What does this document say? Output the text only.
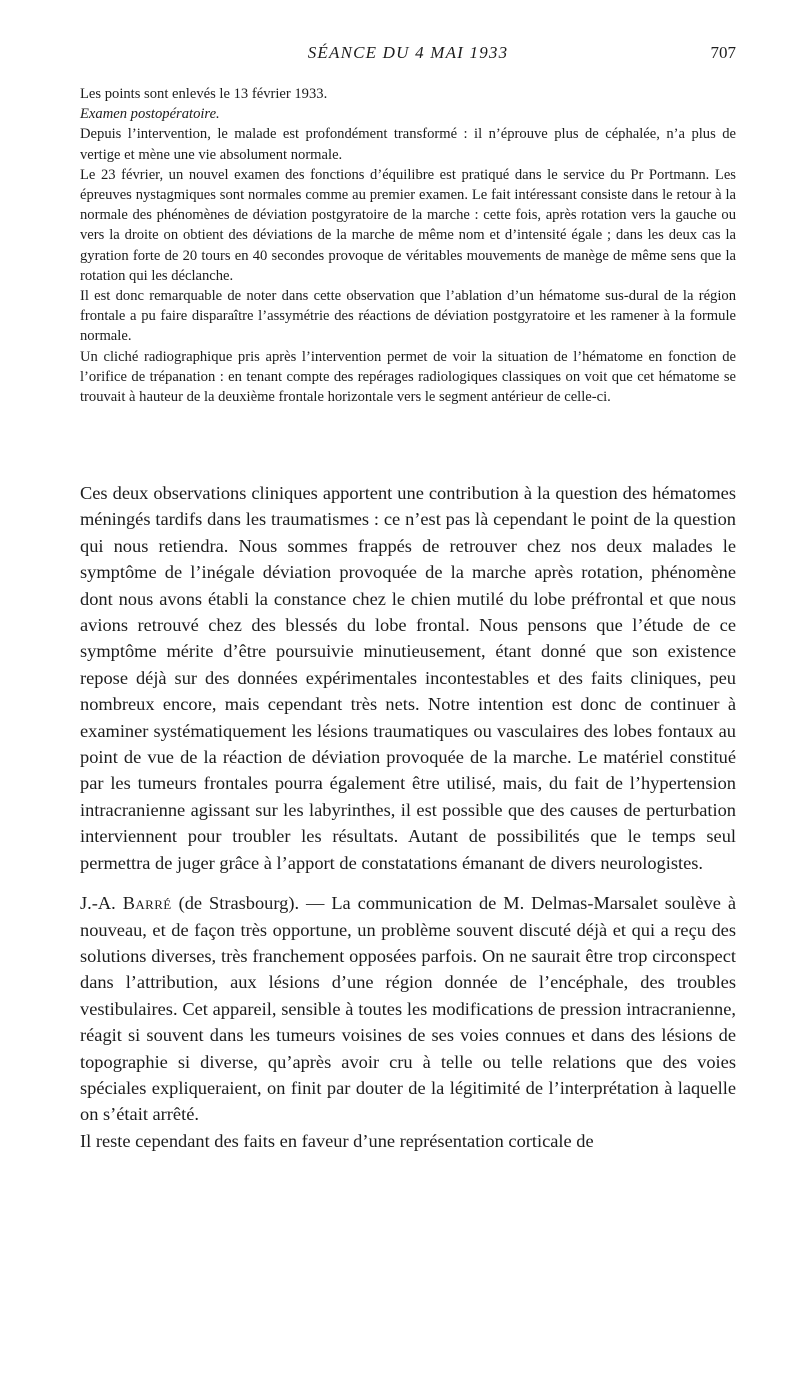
SÉANCE DU 4 MAI 1933	707

Les points sont enlevés le 13 février 1933.

Examen postopératoire.

Depuis l’intervention, le malade est profondément transformé : il n’éprouve plus de céphalée, n’a plus de vertige et mène une vie absolument normale.

Le 23 février, un nouvel examen des fonctions d’équilibre est pratiqué dans le service du Pr Portmann. Les épreuves nystagmiques sont normales comme au premier examen. Le fait intéressant consiste dans le retour à la normale des phénomènes de déviation postgyratoire de la marche : cette fois, après rotation vers la gauche ou vers la droite on obtient des déviations de la marche de même nom et d’intensité égale ; dans les deux cas la gyration forte de 20 tours en 40 secondes provoque de véritables mouvements de manège de même sens que la rotation qui les déclanche.

Il est donc remarquable de noter dans cette observation que l’ablation d’un hématome sus-dural de la région frontale a pu faire disparaître l’assymétrie des réactions de déviation postgyratoire et les ramener à la formule normale.

Un cliché radiographique pris après l’intervention permet de voir la situation de l’hématome en fonction de l’orifice de trépanation : en tenant compte des repérages radiologiques classiques on voit que cet hématome se trouvait à hauteur de la deuxième frontale horizontale vers le segment antérieur de celle-ci.

Ces deux observations cliniques apportent une contribution à la question des hématomes méningés tardifs dans les traumatismes : ce n’est pas là cependant le point de la question qui nous retiendra. Nous sommes frappés de retrouver chez nos deux malades le symptôme de l’inégale déviation provoquée de la marche après rotation, phénomène dont nous avons établi la constance chez le chien mutilé du lobe préfrontal et que nous avions retrouvé chez des blessés du lobe frontal. Nous pensons que l’étude de ce symptôme mérite d’être poursuivie minutieusement, étant donné que son existence repose déjà sur des données expérimentales incontestables et des faits cliniques, peu nombreux encore, mais cependant très nets. Notre intention est donc de continuer à examiner systématiquement les lésions traumatiques ou vasculaires des lobes fontaux au point de vue de la réaction de déviation provoquée de la marche. Le matériel constitué par les tumeurs frontales pourra également être utilisé, mais, du fait de l’hypertension intracranienne agissant sur les labyrinthes, il est possible que des causes de perturbation interviennent pour troubler les résultats. Autant de possibilités que le temps seul permettra de juger grâce à l’apport de constatations émanant de divers neurologistes.

J.-A. Barré (de Strasbourg). — La communication de M. Delmas-Marsalet soulève à nouveau, et de façon très opportune, un problème souvent discuté déjà et qui a reçu des solutions diverses, très franchement opposées parfois. On ne saurait être trop circonspect dans l’attribution, aux lésions d’une région donnée de l’encéphale, des troubles vestibulaires. Cet appareil, sensible à toutes les modifications de pression intracranienne, réagit si souvent dans les tumeurs voisines de ses voies connues et dans des lésions de topographie si diverse, qu’après avoir cru à telle ou telle relations que des voies spéciales expliqueraient, on finit par douter de la légitimité de l’interprétation à laquelle on s’était arrêté.

Il reste cependant des faits en faveur d’une représentation corticale de
